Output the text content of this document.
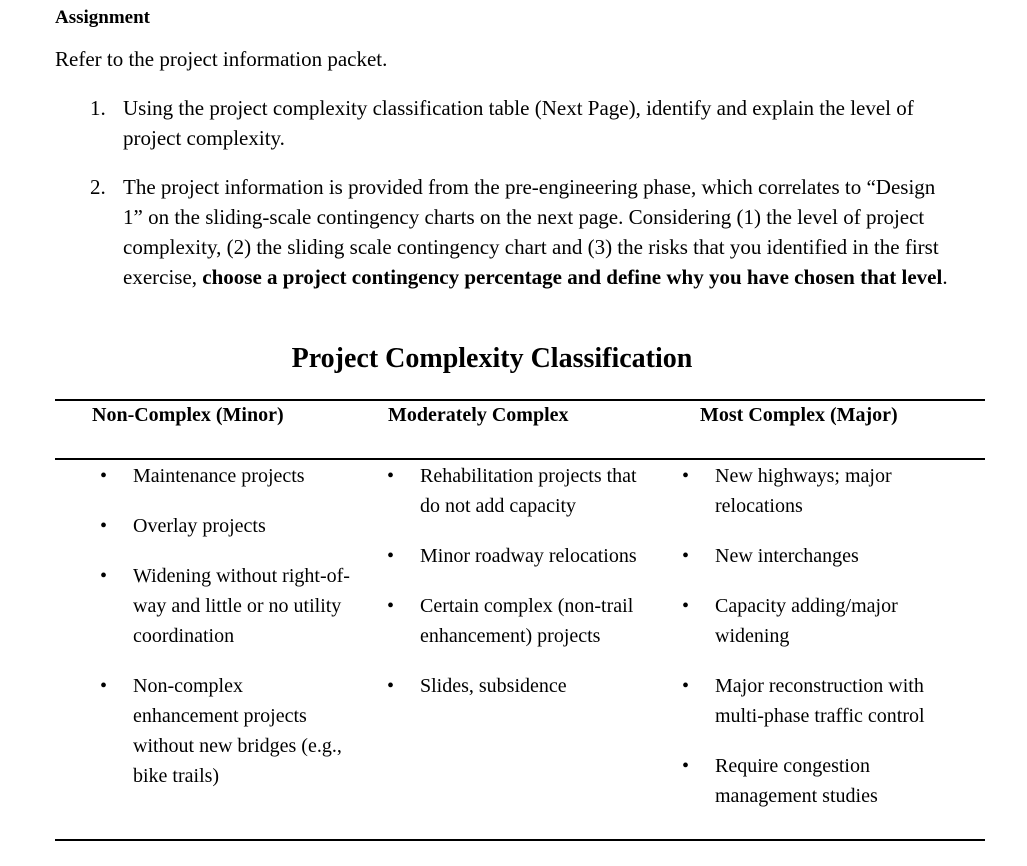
Assignment
Refer to the project information packet.
1. Using the project complexity classification table (Next Page), identify and explain the level of project complexity.
2. The project information is provided from the pre-engineering phase, which correlates to “Design 1” on the sliding-scale contingency charts on the next page. Considering (1) the level of project complexity, (2) the sliding scale contingency chart and (3) the risks that you identified in the first exercise, choose a project contingency percentage and define why you have chosen that level.
Project Complexity Classification
Non-Complex (Minor)	Moderately Complex	Most Complex (Major)
• Maintenance projects
• Overlay projects
• Widening without right-of-way and little or no utility coordination
• Non-complex enhancement projects without new bridges (e.g., bike trails)
• Rehabilitation projects that do not add capacity
• Minor roadway relocations
• Certain complex (non-trail enhancement) projects
• Slides, subsidence
• New highways; major relocations
• New interchanges
• Capacity adding/major widening
• Major reconstruction with multi-phase traffic control
• Require congestion management studies
